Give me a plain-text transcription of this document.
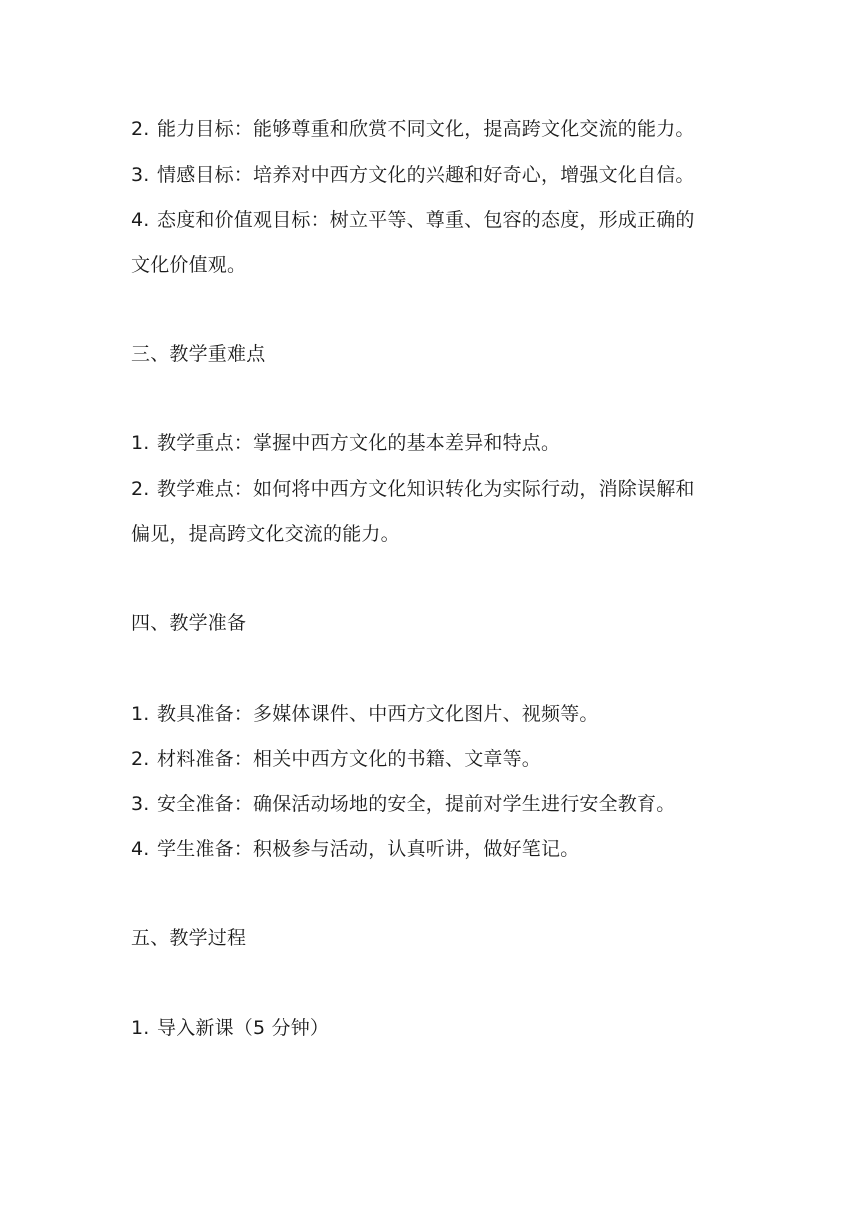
2. 能力目标：能够尊重和欣赏不同文化，提高跨文化交流的能力。
3. 情感目标：培养对中西方文化的兴趣和好奇心，增强文化自信。
4. 态度和价值观目标：树立平等、尊重、包容的态度，形成正确的
文化价值观。
三、教学重难点
1. 教学重点：掌握中西方文化的基本差异和特点。
2. 教学难点：如何将中西方文化知识转化为实际行动，消除误解和
偏见，提高跨文化交流的能力。
四、教学准备
1. 教具准备：多媒体课件、中西方文化图片、视频等。
2. 材料准备：相关中西方文化的书籍、文章等。
3. 安全准备：确保活动场地的安全，提前对学生进行安全教育。
4. 学生准备：积极参与活动，认真听讲，做好笔记。
五、教学过程
1. 导入新课（5 分钟）
